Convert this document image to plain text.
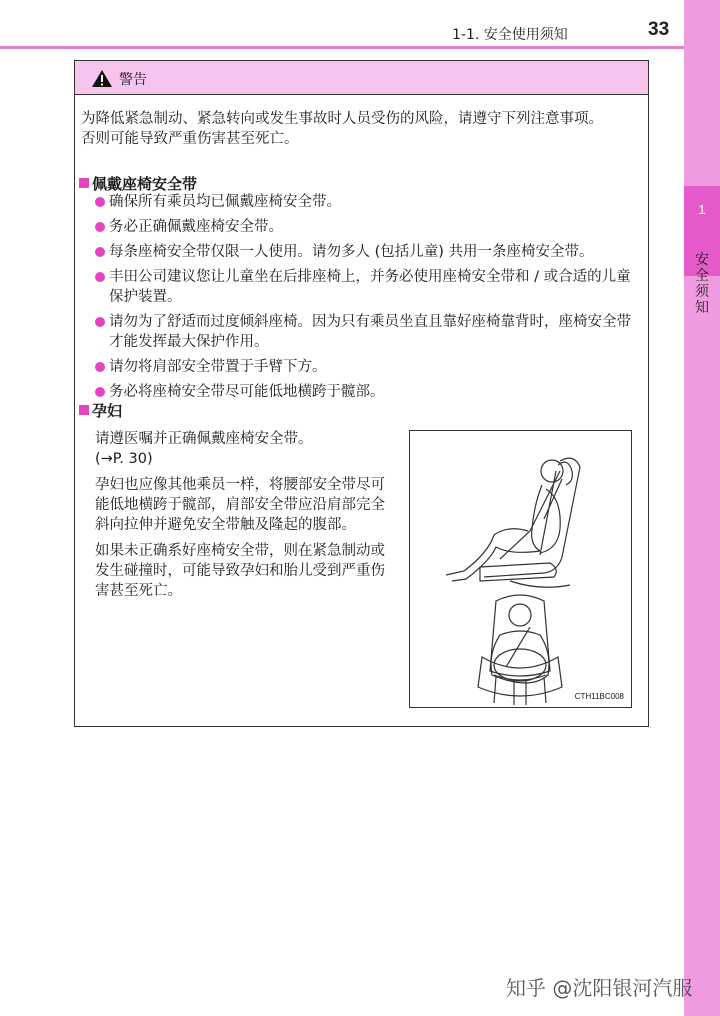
1-1. 安全使用须知	33
1
安全须知
警告

为降低紧急制动、紧急转向或发生事故时人员受伤的风险，请遵守下列注意事项。

否则可能导致严重伤害甚至死亡。

佩戴座椅安全带
确保所有乘员均已佩戴座椅安全带。
务必正确佩戴座椅安全带。
每条座椅安全带仅限一人使用。请勿多人 (包括儿童) 共用一条座椅安全带。
丰田公司建议您让儿童坐在后排座椅上，并务必使用座椅安全带和 / 或合适的儿童保护装置。
请勿为了舒适而过度倾斜座椅。因为只有乘员坐直且靠好座椅靠背时，座椅安全带才能发挥最大保护作用。
请勿将肩部安全带置于手臂下方。
务必将座椅安全带尽可能低地横跨于髋部。
孕妇

请遵医嘱并正确佩戴座椅安全带。

(→P. 30)

孕妇也应像其他乘员一样，将腰部安全带尽可能低地横跨于髋部，肩部安全带应沿肩部完全斜向拉伸并避免安全带触及隆起的腹部。

如果未正确系好座椅安全带，则在紧急制动或发生碰撞时，可能导致孕妇和胎儿受到严重伤害甚至死亡。

CTH11BC008
知乎 @沈阳银河汽服
